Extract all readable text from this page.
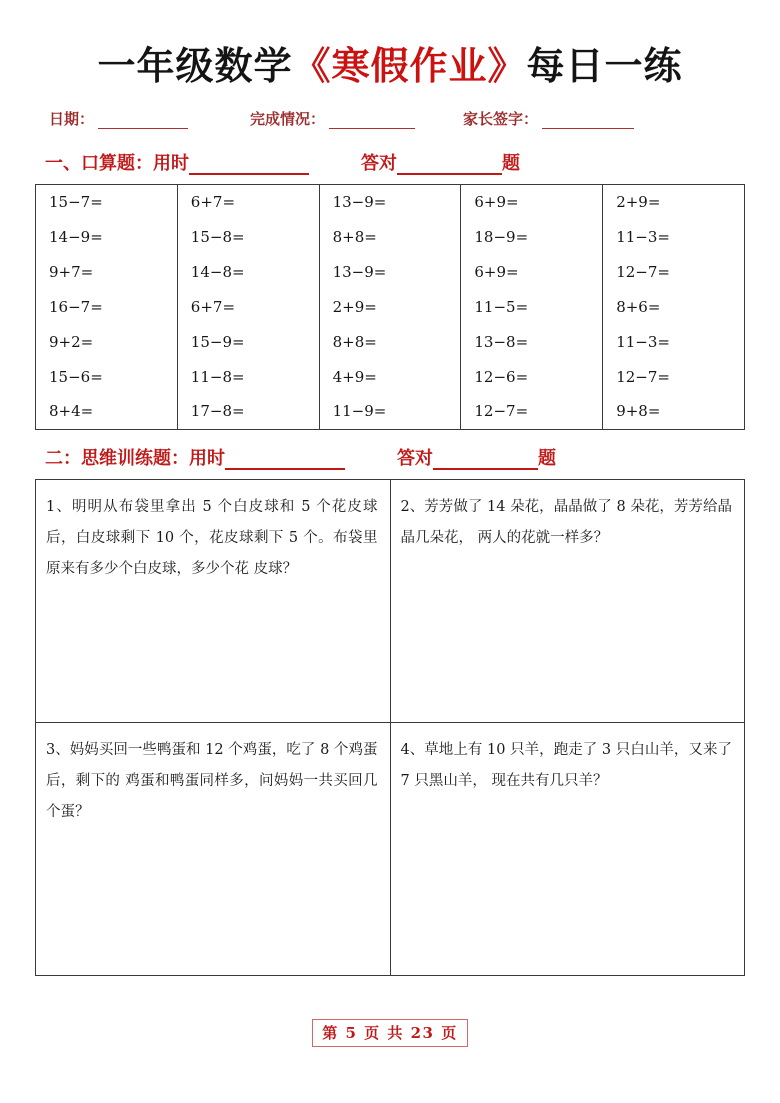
一年级数学《寒假作业》每日一练
日期：	完成情况：	家长签字：
一、口算题：用时	答对	题
15−7=	6+7=	13−9=	6+9=	2+9=
14−9=	15−8=	8+8=	18−9=	11−3=
9+7=	14−8=	13−9=	6+9=	12−7=
16−7=	6+7=	2+9=	11−5=	8+6=
9+2=	15−9=	8+8=	13−8=	11−3=
15−6=	11−8=	4+9=	12−6=	12−7=
8+4=	17−8=	11−9=	12−7=	9+8=
二：思维训练题：用时	答对	题
1、明明从布袋里拿出 5 个白皮球和 5 个花皮球后，白皮球剩下 10 个，花皮球剩下 5 个。布袋里原来有多少个白皮球，多少个花 皮球？	2、芳芳做了 14 朵花，晶晶做了 8 朵花，芳芳给晶晶几朵花， 两人的花就一样多？
3、妈妈买回一些鸭蛋和 12 个鸡蛋，吃了 8 个鸡蛋后，剩下的 鸡蛋和鸭蛋同样多，问妈妈一共买回几个蛋？	4、草地上有 10 只羊，跑走了 3 只白山羊，又来了 7 只黑山羊， 现在共有几只羊？
第 5 页 共 23 页
